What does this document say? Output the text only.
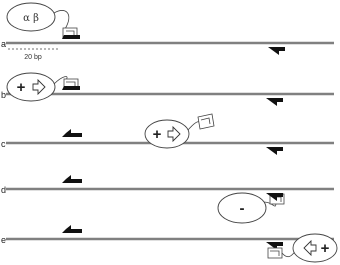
a
α β
20 bp
b +
c
+
d
-
e	+
